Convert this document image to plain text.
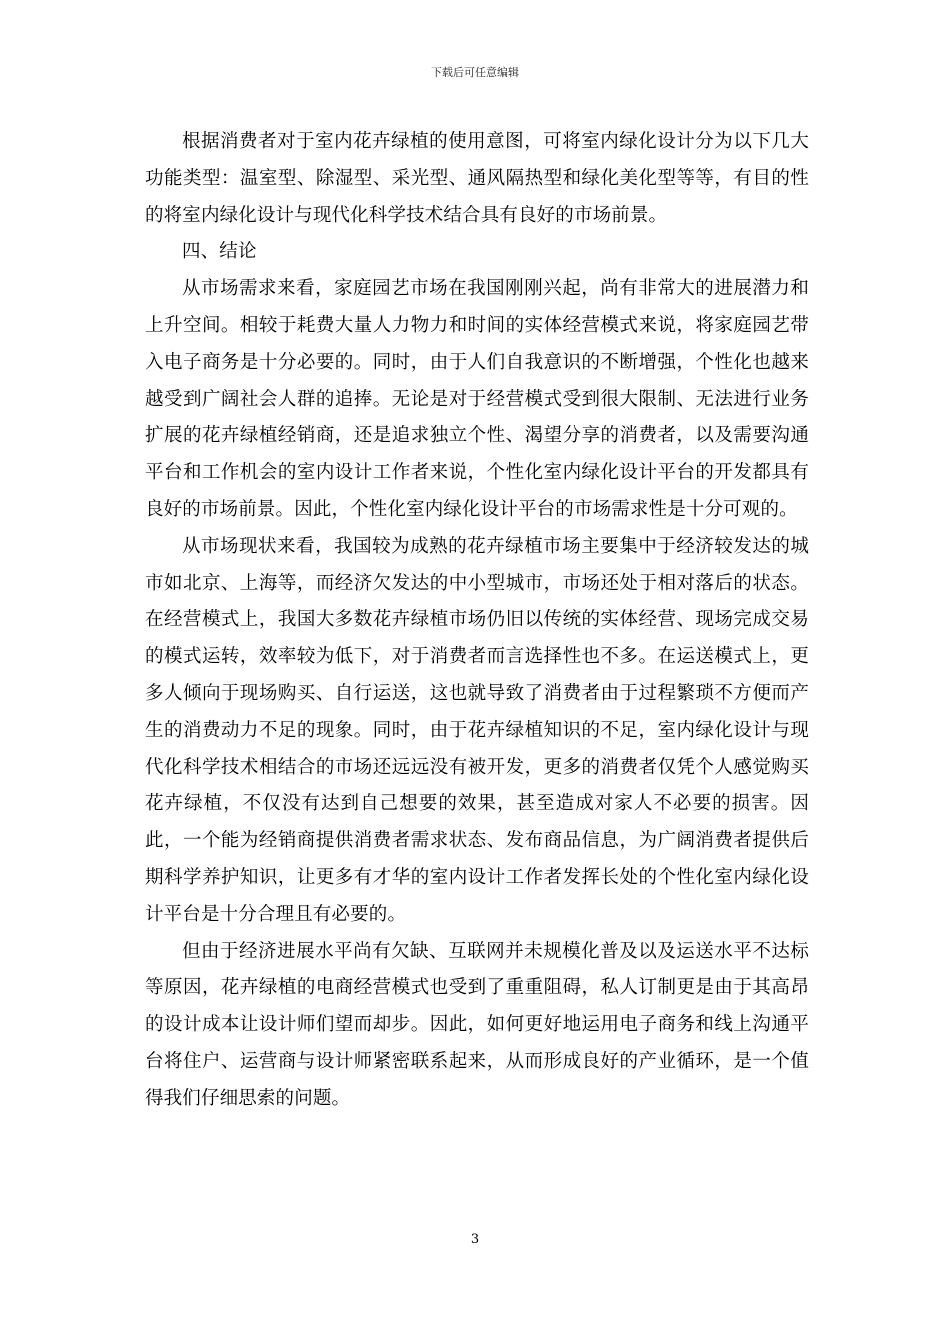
下载后可任意编辑

根据消费者对于室内花卉绿植的使用意图，可将室内绿化设计分为以下几大功能类型：温室型、除湿型、采光型、通风隔热型和绿化美化型等等，有目的性的将室内绿化设计与现代化科学技术结合具有良好的市场前景。

四、结论

从市场需求来看，家庭园艺市场在我国刚刚兴起，尚有非常大的进展潜力和上升空间。相较于耗费大量人力物力和时间的实体经营模式来说，将家庭园艺带入电子商务是十分必要的。同时，由于人们自我意识的不断增强，个性化也越来越受到广阔社会人群的追捧。无论是对于经营模式受到很大限制、无法进行业务扩展的花卉绿植经销商，还是追求独立个性、渴望分享的消费者，以及需要沟通平台和工作机会的室内设计工作者来说，个性化室内绿化设计平台的开发都具有良好的市场前景。因此，个性化室内绿化设计平台的市场需求性是十分可观的。

从市场现状来看，我国较为成熟的花卉绿植市场主要集中于经济较发达的城市如北京、上海等，而经济欠发达的中小型城市，市场还处于相对落后的状态。在经营模式上，我国大多数花卉绿植市场仍旧以传统的实体经营、现场完成交易的模式运转，效率较为低下，对于消费者而言选择性也不多。在运送模式上，更多人倾向于现场购买、自行运送，这也就导致了消费者由于过程繁琐不方便而产生的消费动力不足的现象。同时，由于花卉绿植知识的不足，室内绿化设计与现代化科学技术相结合的市场还远远没有被开发，更多的消费者仅凭个人感觉购买花卉绿植，不仅没有达到自己想要的效果，甚至造成对家人不必要的损害。因此，一个能为经销商提供消费者需求状态、发布商品信息，为广阔消费者提供后期科学养护知识，让更多有才华的室内设计工作者发挥长处的个性化室内绿化设计平台是十分合理且有必要的。

但由于经济进展水平尚有欠缺、互联网并未规模化普及以及运送水平不达标等原因，花卉绿植的电商经营模式也受到了重重阻碍，私人订制更是由于其高昂的设计成本让设计师们望而却步。因此，如何更好地运用电子商务和线上沟通平台将住户、运营商与设计师紧密联系起来，从而形成良好的产业循环，是一个值得我们仔细思索的问题。

3
